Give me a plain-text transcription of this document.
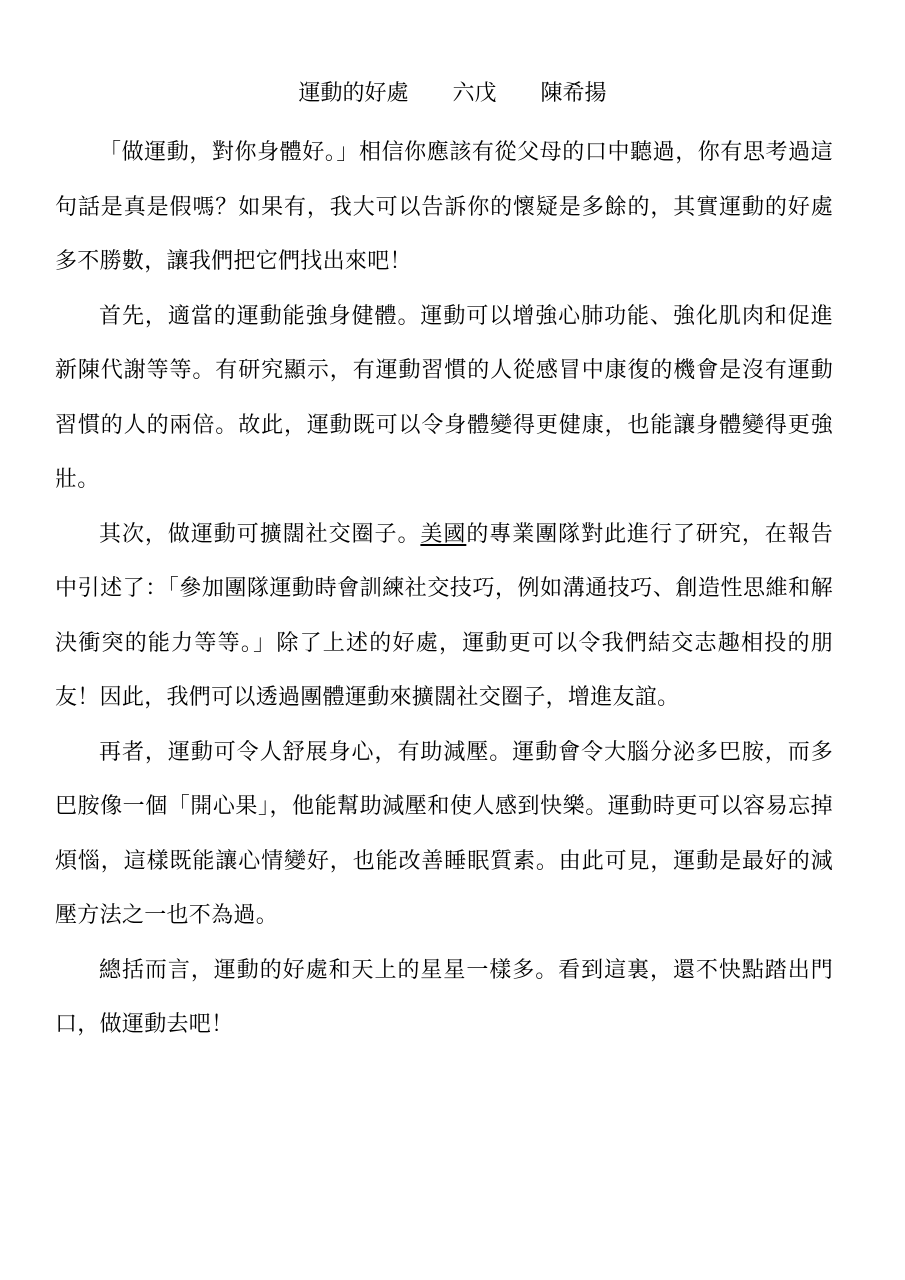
運動的好處　　六戊　　陳希揚

「做運動，對你身體好。」相信你應該有從父母的口中聽過，你有思考過這句話是真是假嗎？如果有，我大可以告訴你的懷疑是多餘的，其實運動的好處多不勝數，讓我們把它們找出來吧！

首先，適當的運動能強身健體。運動可以增強心肺功能、強化肌肉和促進新陳代謝等等。有研究顯示，有運動習慣的人從感冒中康復的機會是沒有運動習慣的人的兩倍。故此，運動既可以令身體變得更健康，也能讓身體變得更強壯。

其次，做運動可擴闊社交圈子。美國的專業團隊對此進行了研究，在報告中引述了：「參加團隊運動時會訓練社交技巧，例如溝通技巧、創造性思維和解決衝突的能力等等。」除了上述的好處，運動更可以令我們結交志趣相投的朋友！因此，我們可以透過團體運動來擴闊社交圈子，增進友誼。

再者，運動可令人舒展身心，有助減壓。運動會令大腦分泌多巴胺，而多巴胺像一個「開心果」，他能幫助減壓和使人感到快樂。運動時更可以容易忘掉煩惱，這樣既能讓心情變好，也能改善睡眠質素。由此可見，運動是最好的減壓方法之一也不為過。

總括而言，運動的好處和天上的星星一樣多。看到這裏，還不快點踏出門口，做運動去吧！
